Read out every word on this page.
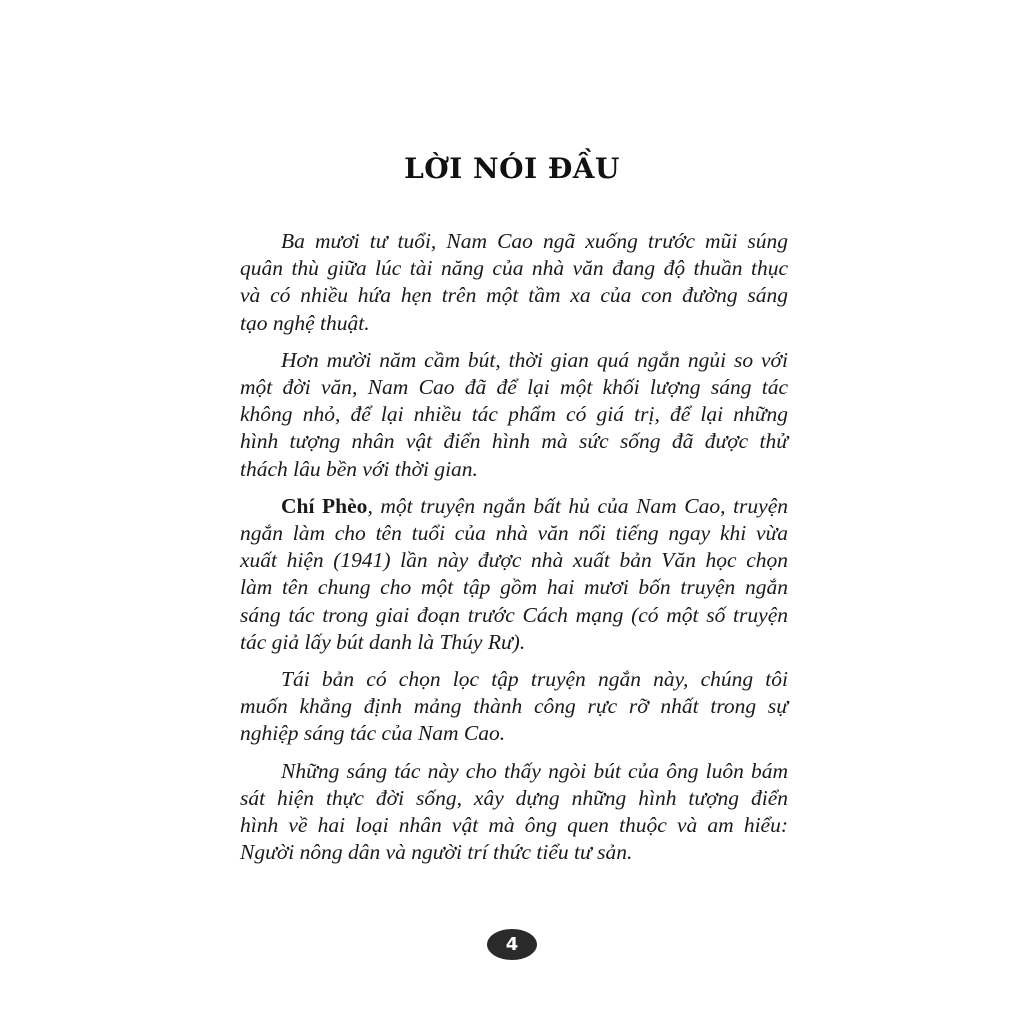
LỜI NÓI ĐẦU
Ba mươi tư tuổi, Nam Cao ngã xuống trước mũi súng
quân thù giữa lúc tài năng của nhà văn đang độ thuần thục
và có nhiều hứa hẹn trên một tầm xa của con đường sáng
tạo nghệ thuật.
Hơn mười năm cầm bút, thời gian quá ngắn ngủi so với
một đời văn, Nam Cao đã để lại một khối lượng sáng tác
không nhỏ, để lại nhiều tác phẩm có giá trị, để lại những
hình tượng nhân vật điển hình mà sức sống đã được thử
thách lâu bền với thời gian.
Chí Phèo, một truyện ngắn bất hủ của Nam Cao, truyện
ngắn làm cho tên tuổi của nhà văn nổi tiếng ngay khi vừa
xuất hiện (1941) lần này được nhà xuất bản Văn học chọn
làm tên chung cho một tập gồm hai mươi bốn truyện ngắn
sáng tác trong giai đoạn trước Cách mạng (có một số truyện
tác giả lấy bút danh là Thúy Rư).
Tái bản có chọn lọc tập truyện ngắn này, chúng tôi
muốn khẳng định mảng thành công rực rỡ nhất trong sự
nghiệp sáng tác của Nam Cao.
Những sáng tác này cho thấy ngòi bút của ông luôn bám
sát hiện thực đời sống, xây dựng những hình tượng điển
hình về hai loại nhân vật mà ông quen thuộc và am hiểu:
Người nông dân và người trí thức tiểu tư sản.
4
